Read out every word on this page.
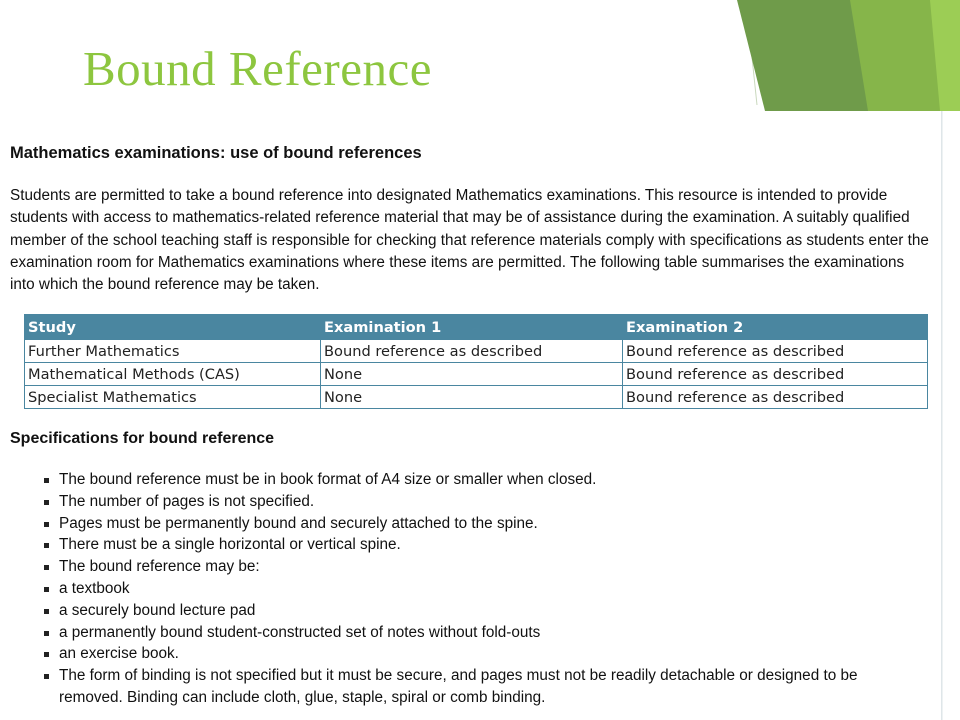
Bound Reference
Mathematics examinations: use of bound references

Students are permitted to take a bound reference into designated Mathematics examinations. This resource is intended to provide students with access to mathematics-related reference material that may be of assistance during the examination. A suitably qualified member of the school teaching staff is responsible for checking that reference materials comply with specifications as students enter the examination room for Mathematics examinations where these items are permitted. The following table summarises the examinations into which the bound reference may be taken.

Study	Examination 1	Examination 2
Further Mathematics	Bound reference as described	Bound reference as described
Mathematical Methods (CAS)	None	Bound reference as described
Specialist Mathematics	None	Bound reference as described
Specifications for bound reference
The bound reference must be in book format of A4 size or smaller when closed.
The number of pages is not specified.
Pages must be permanently bound and securely attached to the spine.
There must be a single horizontal or vertical spine.
The bound reference may be:
a textbook
a securely bound lecture pad
a permanently bound student-constructed set of notes without fold-outs
an exercise book.
The form of binding is not specified but it must be secure, and pages must not be readily detachable or designed to be removed. Binding can include cloth, glue, staple, spiral or comb binding.
